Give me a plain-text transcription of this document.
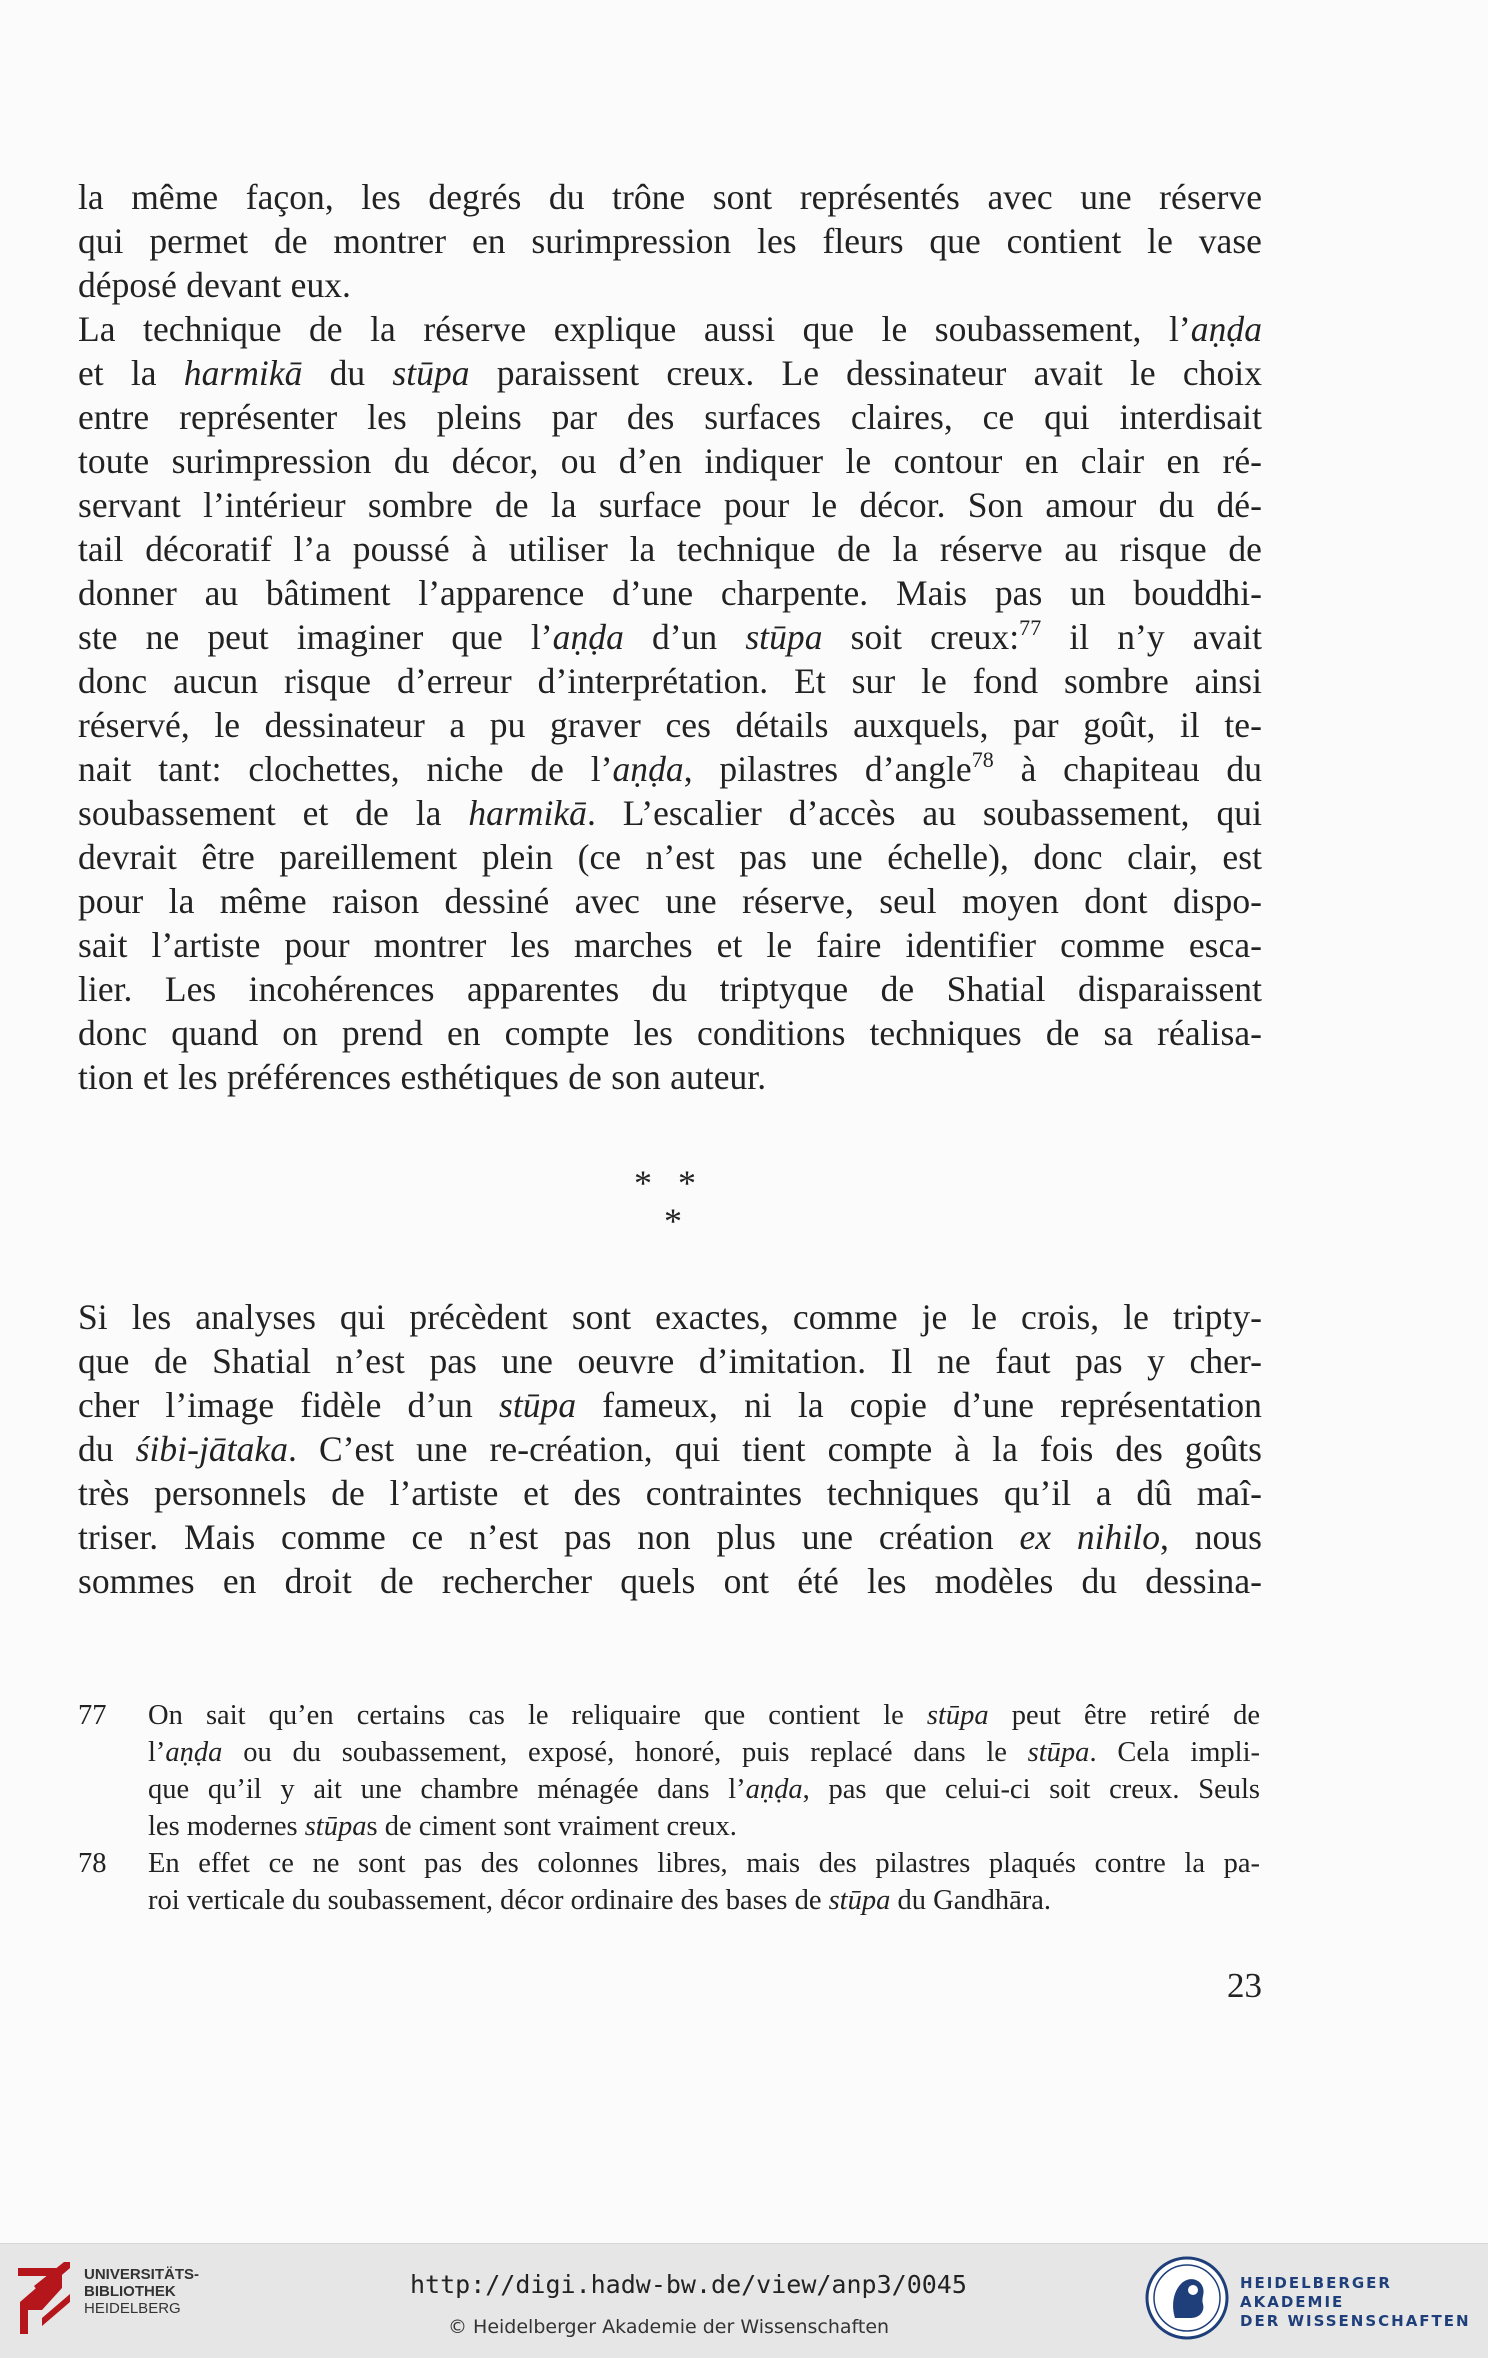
la même façon, les degrés du trône sont représentés avec une réserve
qui permet de montrer en surimpression les fleurs que contient le vase
déposé devant eux.
La technique de la réserve explique aussi que le soubassement, l’aṇḍa
et la harmikā du stūpa paraissent creux. Le dessinateur avait le choix
entre représenter les pleins par des surfaces claires, ce qui interdisait
toute surimpression du décor, ou d’en indiquer le contour en clair en ré-
servant l’intérieur sombre de la surface pour le décor. Son amour du dé-
tail décoratif l’a poussé à utiliser la technique de la réserve au risque de
donner au bâtiment l’apparence d’une charpente. Mais pas un bouddhi-
ste ne peut imaginer que l’aṇḍa d’un stūpa soit creux:$^{77}$ il n’y avait
donc aucun risque d’erreur d’interprétation. Et sur le fond sombre ainsi
réservé, le dessinateur a pu graver ces détails auxquels, par goût, il te-
nait tant: clochettes, niche de l’aṇḍa, pilastres d’angle$^{78}$ à chapiteau du
soubassement et de la harmikā. L’escalier d’accès au soubassement, qui
devrait être pareillement plein (ce n’est pas une échelle), donc clair, est
pour la même raison dessiné avec une réserve, seul moyen dont dispo-
sait l’artiste pour montrer les marches et le faire identifier comme esca-
lier. Les incohérences apparentes du triptyque de Shatial disparaissent
donc quand on prend en compte les conditions techniques de sa réalisa-
tion et les préférences esthétiques de son auteur.
* *
*
Si les analyses qui précèdent sont exactes, comme je le crois, le tripty-
que de Shatial n’est pas une oeuvre d’imitation. Il ne faut pas y cher-
cher l’image fidèle d’un stūpa fameux, ni la copie d’une représentation
du śibi-jātaka. C’est une re-création, qui tient compte à la fois des goûts
très personnels de l’artiste et des contraintes techniques qu’il a dû maî-
triser. Mais comme ce n’est pas non plus une création ex nihilo, nous
sommes en droit de rechercher quels ont été les modèles du dessina-
77	On sait qu’en certains cas le reliquaire que contient le stūpa peut être retiré de
l’aṇḍa ou du soubassement, exposé, honoré, puis replacé dans le stūpa. Cela impli-
que qu’il y ait une chambre ménagée dans l’aṇḍa, pas que celui-ci soit creux. Seuls
les modernes stūpas de ciment sont vraiment creux.
78	En effet ce ne sont pas des colonnes libres, mais des pilastres plaqués contre la pa-
roi verticale du soubassement, décor ordinaire des bases de stūpa du Gandhāra.
23
UNIVERSITÄTS-
BIBLIOTHEK
HEIDELBERG
http://digi.hadw-bw.de/view/anp3/0045
© Heidelberger Akademie der Wissenschaften
HEIDELBERGER AKADEMIE
DER WISSENSCHAFTEN
